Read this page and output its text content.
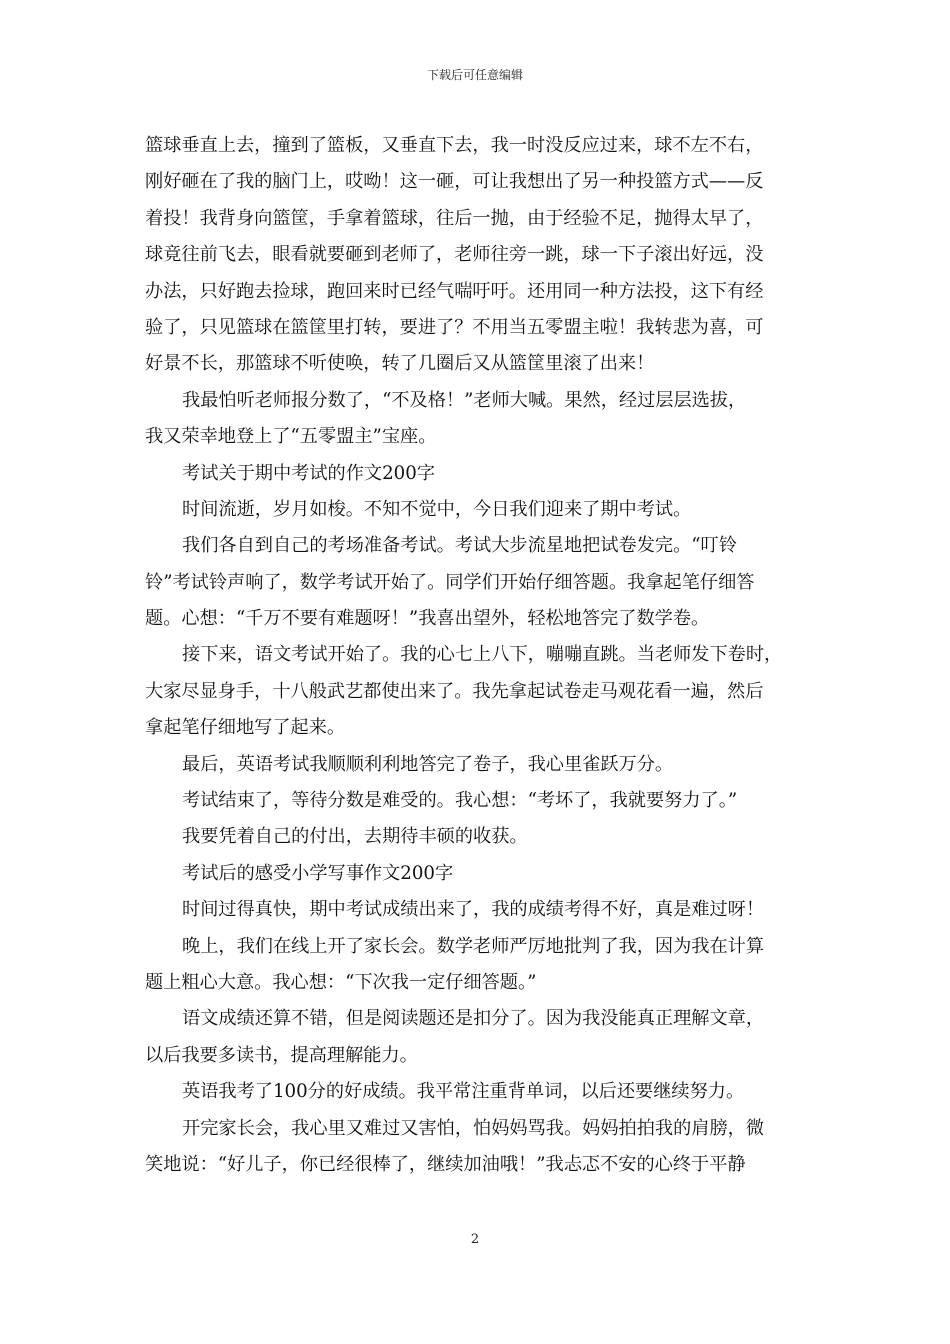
下载后可任意编辑
篮球垂直上去，撞到了篮板，又垂直下去，我一时没反应过来，球不左不右，
刚好砸在了我的脑门上，哎呦！这一砸，可让我想出了另一种投篮方式——反
着投！我背身向篮筐，手拿着篮球，往后一抛，由于经验不足，抛得太早了，
球竟往前飞去，眼看就要砸到老师了，老师往旁一跳，球一下子滚出好远，没
办法，只好跑去捡球，跑回来时已经气喘吁吁。还用同一种方法投，这下有经
验了，只见篮球在篮筐里打转，要进了？不用当五零盟主啦！我转悲为喜，可
好景不长，那篮球不听使唤，转了几圈后又从篮筐里滚了出来！
我最怕听老师报分数了，“不及格！”老师大喊。果然，经过层层选拔，
我又荣幸地登上了“五零盟主”宝座。
考试关于期中考试的作文200字
时间流逝，岁月如梭。不知不觉中，今日我们迎来了期中考试。
我们各自到自己的考场准备考试。考试大步流星地把试卷发完。“叮铃
铃”考试铃声响了，数学考试开始了。同学们开始仔细答题。我拿起笔仔细答
题。心想：“千万不要有难题呀！”我喜出望外，轻松地答完了数学卷。
接下来，语文考试开始了。我的心七上八下，嘣嘣直跳。当老师发下卷时，
大家尽显身手，十八般武艺都使出来了。我先拿起试卷走马观花看一遍，然后
拿起笔仔细地写了起来。
最后，英语考试我顺顺利利地答完了卷子，我心里雀跃万分。
考试结束了，等待分数是难受的。我心想：“考坏了，我就要努力了。”
我要凭着自己的付出，去期待丰硕的收获。
考试后的感受小学写事作文200字
时间过得真快，期中考试成绩出来了，我的成绩考得不好，真是难过呀！
晚上，我们在线上开了家长会。数学老师严厉地批判了我，因为我在计算
题上粗心大意。我心想：“下次我一定仔细答题。”
语文成绩还算不错，但是阅读题还是扣分了。因为我没能真正理解文章，
以后我要多读书，提高理解能力。
英语我考了100分的好成绩。我平常注重背单词，以后还要继续努力。
开完家长会，我心里又难过又害怕，怕妈妈骂我。妈妈拍拍我的肩膀，微
笑地说：“好儿子，你已经很棒了，继续加油哦！”我忐忑不安的心终于平静
2
